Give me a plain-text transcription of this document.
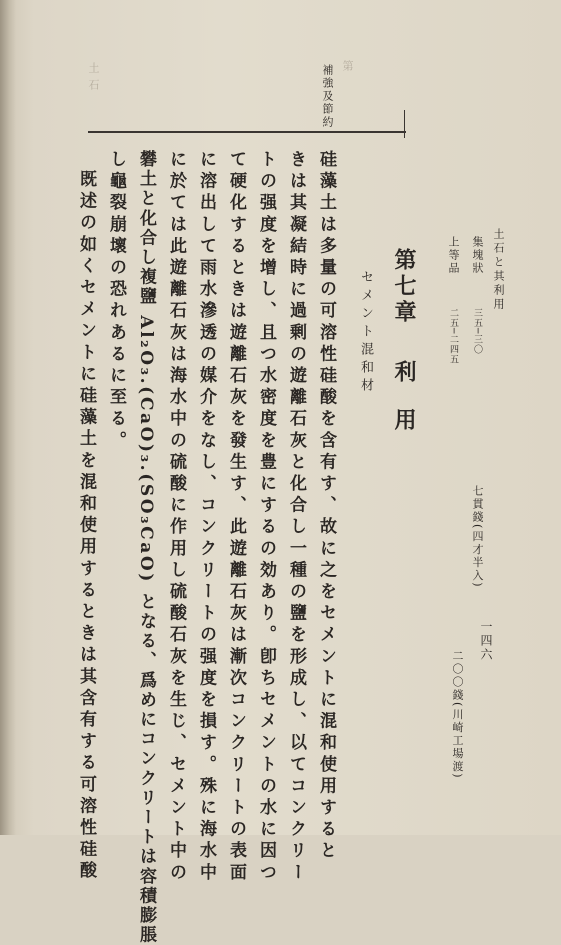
土石	第
土石と其利用
一四六
集塊狀
三五─三〇
七貫錢(四才半入)
上等品
二五─二四五
二〇〇錢(川崎工場渡)
第七章
利用
セメント混和材
補強及節約
硅藻土は多量の可溶性硅酸を含有す、故に之をセメントに混和使用すると
きは其凝結時に過剰の遊離石灰と化合し一種の鹽を形成し、以てコンクリー
トの强度を增し、且つ水密度を豊にするの効あり。卽ちセメントの水に因つ
て硬化するときは遊離石灰を發生す、此遊離石灰は漸次コンクリートの表面
に溶出して雨水滲透の媒介をなし、コンクリートの强度を損す。殊に海水中
に於ては此遊離石灰は海水中の硫酸に作用し硫酸石灰を生じ、セメント中の
礬土と化合し複鹽 Al₂O₃.(CaO)₃.(SO₃CaO) となる、爲めにコンクリートは容積膨脹
し龜裂崩壞の恐れあるに至る。
既述の如くセメントに硅藻土を混和使用するときは其含有する可溶性硅酸
